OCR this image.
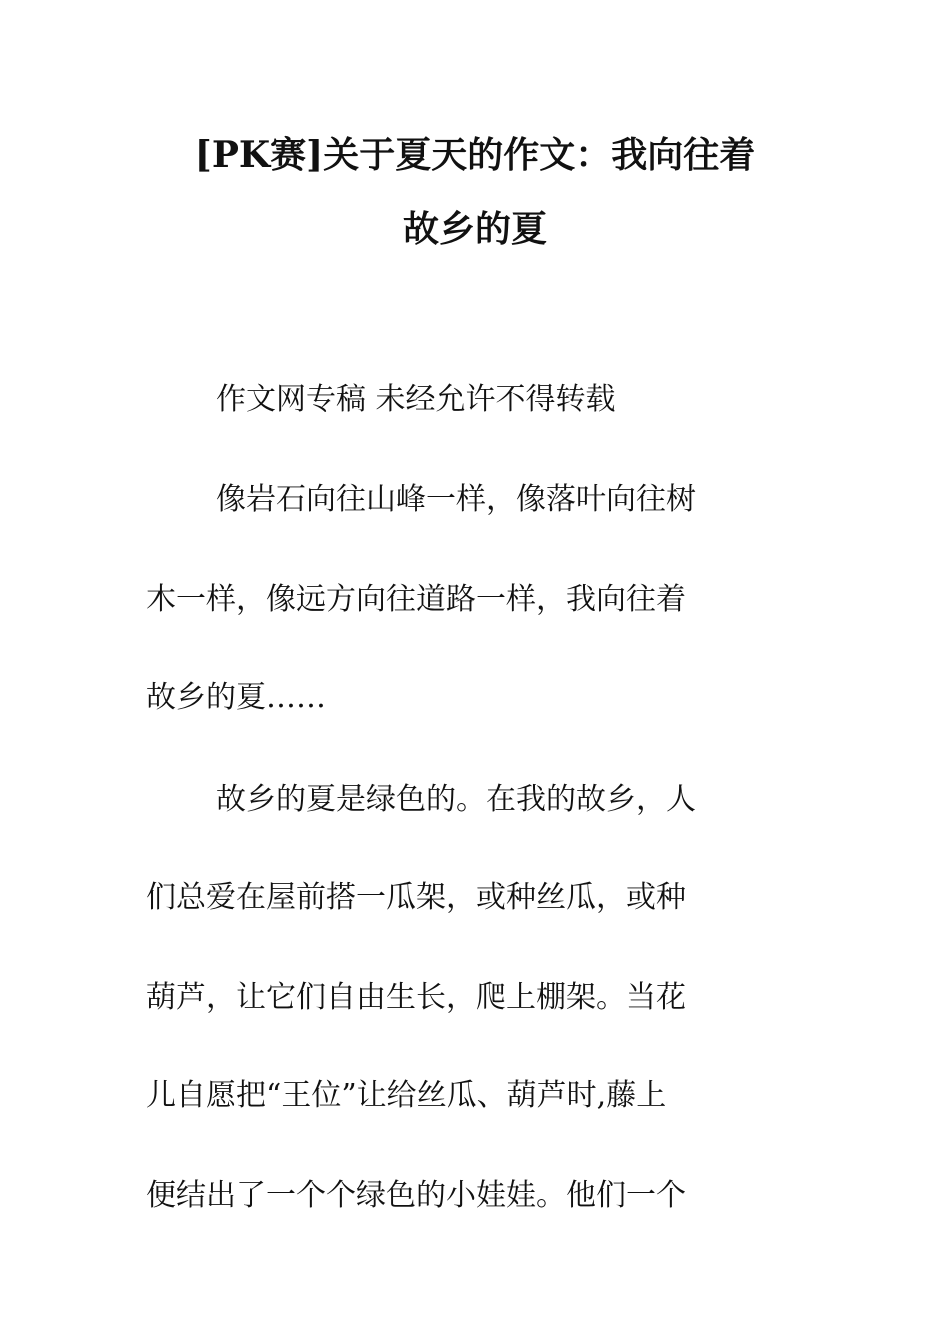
[PK赛]关于夏天的作文：我向往着
故乡的夏
作文网专稿 未经允许不得转载
像岩石向往山峰一样，像落叶向往树
木一样，像远方向往道路一样，我向往着
故乡的夏……
故乡的夏是绿色的。在我的故乡，人
们总爱在屋前搭一瓜架，或种丝瓜，或种
葫芦，让它们自由生长，爬上棚架。当花
儿自愿把“王位”让给丝瓜、葫芦时,藤上
便结出了一个个绿色的小娃娃。他们一个
